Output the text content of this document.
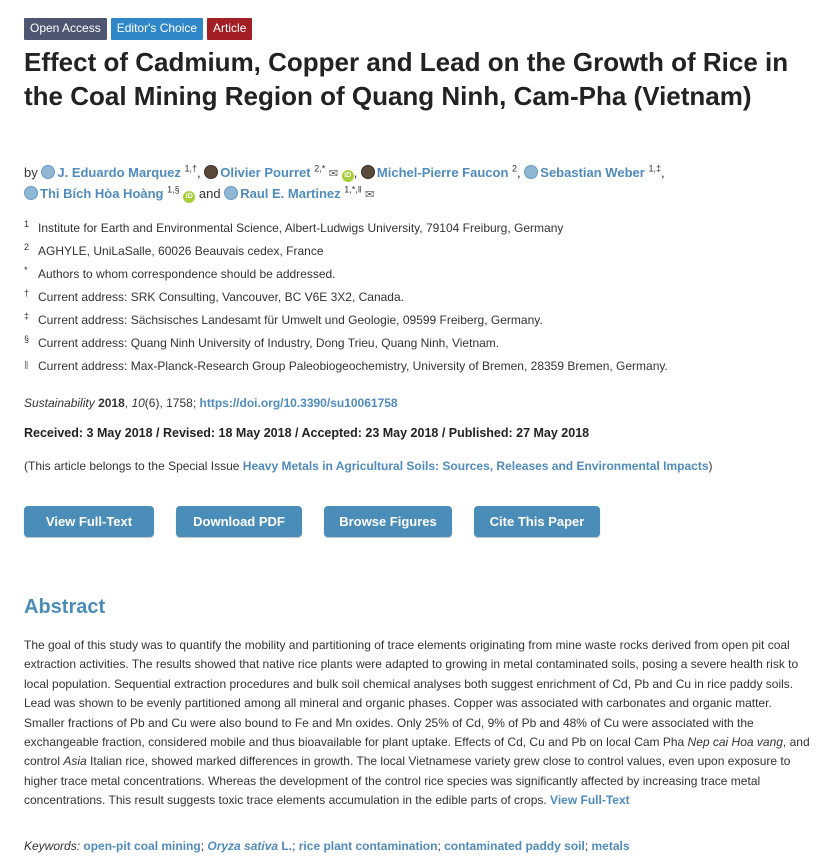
Open Access	Editor's Choice	Article
Effect of Cadmium, Copper and Lead on the Growth of Rice in the Coal Mining Region of Quang Ninh, Cam-Pha (Vietnam)
by J. Eduardo Marquez $^{1,\dagger}$, Olivier Pourret $^{2,*}$ ✉ iD , Michel-Pierre Faucon $^2$, Sebastian Weber $^{1,\ddagger}$,
Thi Bích Hòa Hoàng $^{1,\S}$ iD and Raul E. Martinez $^{1,*,‖}$ ✉
1 Institute for Earth and Environmental Science, Albert-Ludwigs University, 79104 Freiburg, Germany
2 AGHYLE, UniLaSalle, 60026 Beauvais cedex, France
* Authors to whom correspondence should be addressed.
† Current address: SRK Consulting, Vancouver, BC V6E 3X2, Canada.
‡ Current address: Sächsisches Landesamt für Umwelt und Geologie, 09599 Freiberg, Germany.
§ Current address: Quang Ninh University of Industry, Dong Trieu, Quang Ninh, Vietnam.
‖ Current address: Max-Planck-Research Group Paleobiogeochemistry, University of Bremen, 28359 Bremen, Germany.
Sustainability 2018, 10(6), 1758; https://doi.org/10.3390/su10061758
Received: 3 May 2018 / Revised: 18 May 2018 / Accepted: 23 May 2018 / Published: 27 May 2018
(This article belongs to the Special Issue Heavy Metals in Agricultural Soils: Sources, Releases and Environmental Impacts)
View Full-Text	Download PDF	Browse Figures	Cite This Paper
Abstract

The goal of this study was to quantify the mobility and partitioning of trace elements originating from mine waste rocks derived from open pit coal extraction activities. The results showed that native rice plants were adapted to growing in metal contaminated soils, posing a severe health risk to local population. Sequential extraction procedures and bulk soil chemical analyses both suggest enrichment of Cd, Pb and Cu in rice paddy soils. Lead was shown to be evenly partitioned among all mineral and organic phases. Copper was associated with carbonates and organic matter. Smaller fractions of Pb and Cu were also bound to Fe and Mn oxides. Only 25% of Cd, 9% of Pb and 48% of Cu were associated with the exchangeable fraction, considered mobile and thus bioavailable for plant uptake. Effects of Cd, Cu and Pb on local Cam Pha Nep cai Hoa vang, and control Asia Italian rice, showed marked differences in growth. The local Vietnamese variety grew close to control values, even upon exposure to higher trace metal concentrations. Whereas the development of the control rice species was significantly affected by increasing trace metal concentrations. This result suggests toxic trace elements accumulation in the edible parts of crops. View Full-Text

Keywords: open-pit coal mining; Oryza sativa L.; rice plant contamination; contaminated paddy soil; metals
